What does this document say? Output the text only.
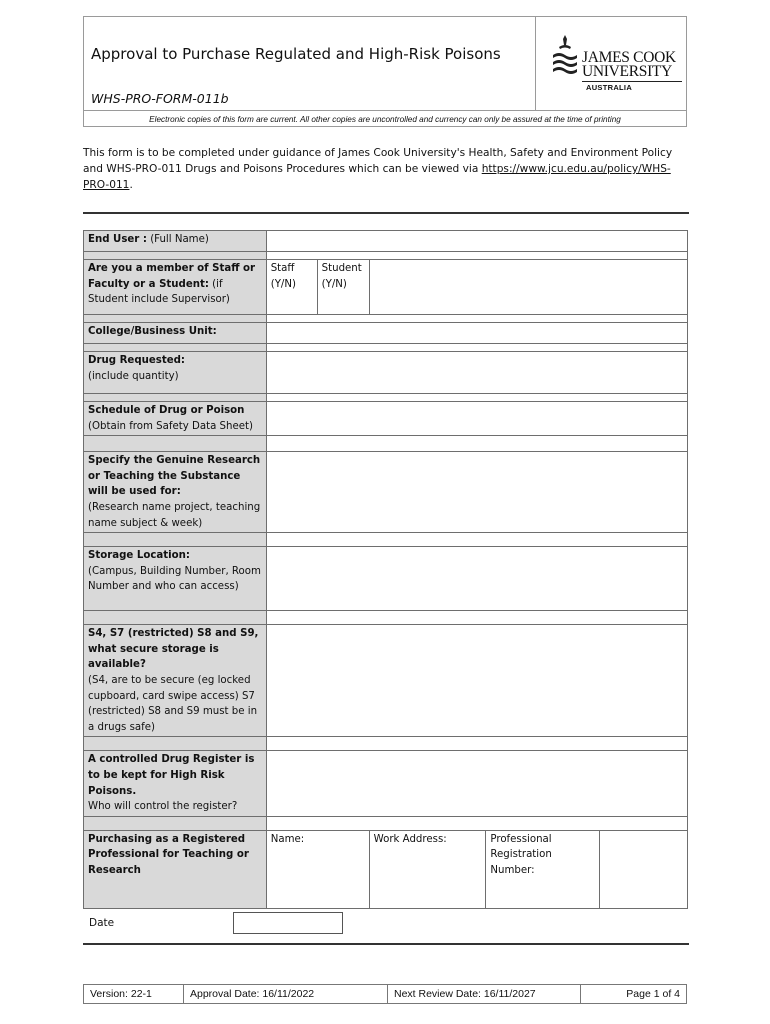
Approval to Purchase Regulated and High-Risk Poisons
WHS-PRO-FORM-011b
JAMES COOK
UNIVERSITY
AUSTRALIA
Electronic copies of this form are current. All other copies are uncontrolled and currency can only be assured at the time of printing
This form is to be completed under guidance of James Cook University's Health, Safety and Environment Policy and WHS-PRO-011 Drugs and Poisons Procedures which can be viewed via https://www.jcu.edu.au/policy/WHS-PRO-011.
End User : (Full Name)					

Are you a member of Staff or Faculty or a Student: (if Student include Supervisor)	Staff (Y/N)	Student (Y/N)			

College/Business Unit:					

Drug Requested:
(include quantity)					

Schedule of Drug or Poison
(Obtain from Safety Data Sheet)					

Specify the Genuine Research or Teaching the Substance will be used for:
(Research name project, teaching name subject & week)					

Storage Location:
(Campus, Building Number, Room Number and who can access)					

S4, S7 (restricted) S8 and S9, what secure storage is available?
(S4, are to be secure (eg locked cupboard, card swipe access) S7 (restricted) S8 and S9 must be in a drugs safe)					

A controlled Drug Register is to be kept for High Risk Poisons.
Who will control the register?					

Purchasing as a Registered Professional for Teaching or Research	Name:		Work Address:	Professional Registration Number:	
Date
Version: 22-1	Approval Date: 16/11/2022	Next Review Date: 16/11/2027	Page 1 of 4
